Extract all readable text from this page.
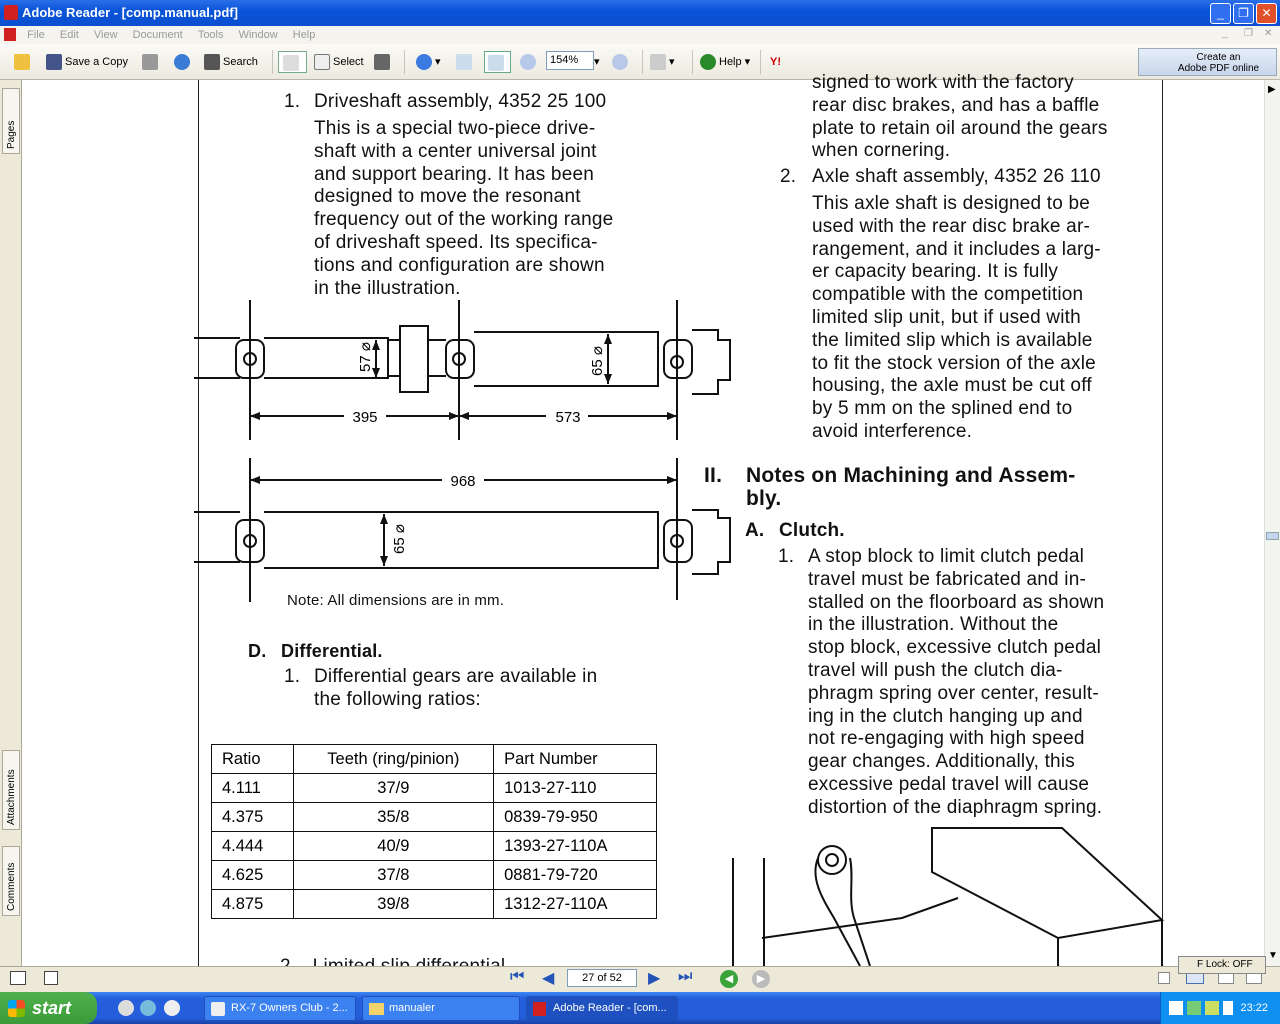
Adobe Reader - [comp.manual.pdf]	_	❐	✕
File Edit View Document Tools Window Help	_ ❐ ✕
Save a Copy	Search	Select	▾	▾	▾	Help ▾ Y!
154%	Create an
Adobe PDF online
Pages
Attachments
Comments
1. Driveshaft assembly, 4352 25 100
This is a special two-piece drive-
shaft with a center universal joint
and support bearing. It has been
designed to move the resonant
frequency out of the working range
of driveshaft speed. Its specifica-
tions and configuration are shown
in the illustration.
395	573
968
57 ⌀	65 ⌀
65 ⌀
Note: All dimensions are in mm.
D. Differential.
1. Differential gears are available in
the following ratios:
Ratio	Teeth (ring/pinion)	Part Number
4.111	37/9	1013-27-110
4.375	35/8	0839-79-950
4.444	40/9	1393-27-110A
4.625	37/8	0881-79-720
4.875	39/8	1312-27-110A
signed to work with the factory
rear disc brakes, and has a baffle
plate to retain oil around the gears
when cornering.
2. Axle shaft assembly, 4352 26 110
This axle shaft is designed to be
used with the rear disc brake ar-
rangement, and it includes a larg-
er capacity bearing. It is fully
compatible with the competition
limited slip unit, but if used with
the limited slip which is available
to fit the stock version of the axle
housing, the axle must be cut off
by 5 mm on the splined end to
avoid interference.
II. Notes on Machining and Assem-
bly.
A. Clutch.
1. A stop block to limit clutch pedal
travel must be fabricated and in-
stalled on the floorboard as shown
in the illustration. Without the
stop block, excessive clutch pedal
travel will push the clutch dia-
phragm spring over center, result-
ing in the clutch hanging up and
not re-engaging with high speed
gear changes. Additionally, this
excessive pedal travel will cause
distortion of the diaphragm spring.
▶
▼
⏮ ◀	▶ ⏭	◀	▶
27 of 52
F Lock: OFF
start	RX-7 Owners Club - 2...	manualer	Adobe Reader - [com...	23:22
